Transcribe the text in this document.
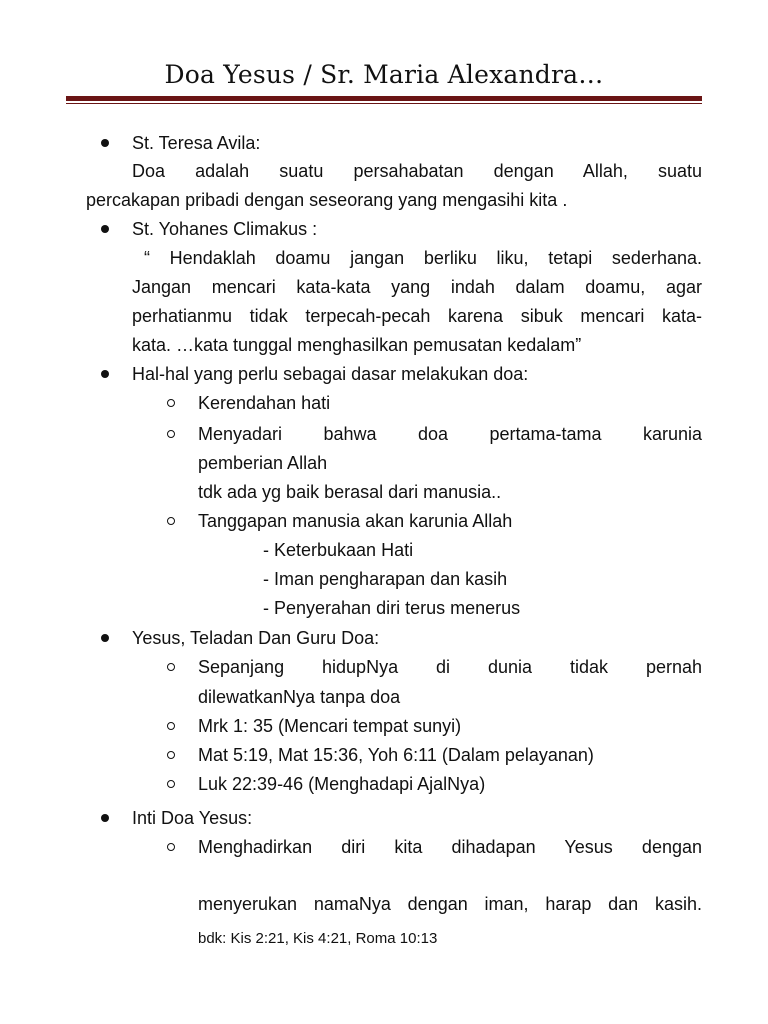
Doa Yesus / Sr. Maria Alexandra…
St. Teresa Avila:
Doa adalah suatu persahabatan dengan Allah, suatu
percakapan pribadi dengan seseorang yang mengasihi kita .
St. Yohanes Climakus :
“ Hendaklah doamu jangan berliku liku, tetapi sederhana.
Jangan mencari kata-kata yang indah dalam doamu, agar
perhatianmu tidak terpecah-pecah karena sibuk mencari kata-
kata. …kata tunggal menghasilkan pemusatan kedalam”
Hal-hal yang perlu sebagai dasar melakukan doa:
Kerendahan hati
Menyadari bahwa doa pertama-tama karunia
pemberian Allah
tdk ada yg baik berasal dari manusia..
Tanggapan manusia akan karunia Allah
- Keterbukaan Hati
- Iman pengharapan dan kasih
- Penyerahan diri terus menerus
Yesus, Teladan Dan Guru Doa:
Sepanjang hidupNya di dunia tidak pernah
dilewatkanNya tanpa doa
Mrk 1: 35 (Mencari tempat sunyi)
Mat 5:19, Mat 15:36, Yoh 6:11 (Dalam pelayanan)
Luk 22:39-46 (Menghadapi AjalNya)
Inti Doa Yesus:
Menghadirkan diri kita dihadapan Yesus dengan
menyerukan namaNya dengan iman, harap dan kasih.
bdk: Kis 2:21, Kis 4:21, Roma 10:13
